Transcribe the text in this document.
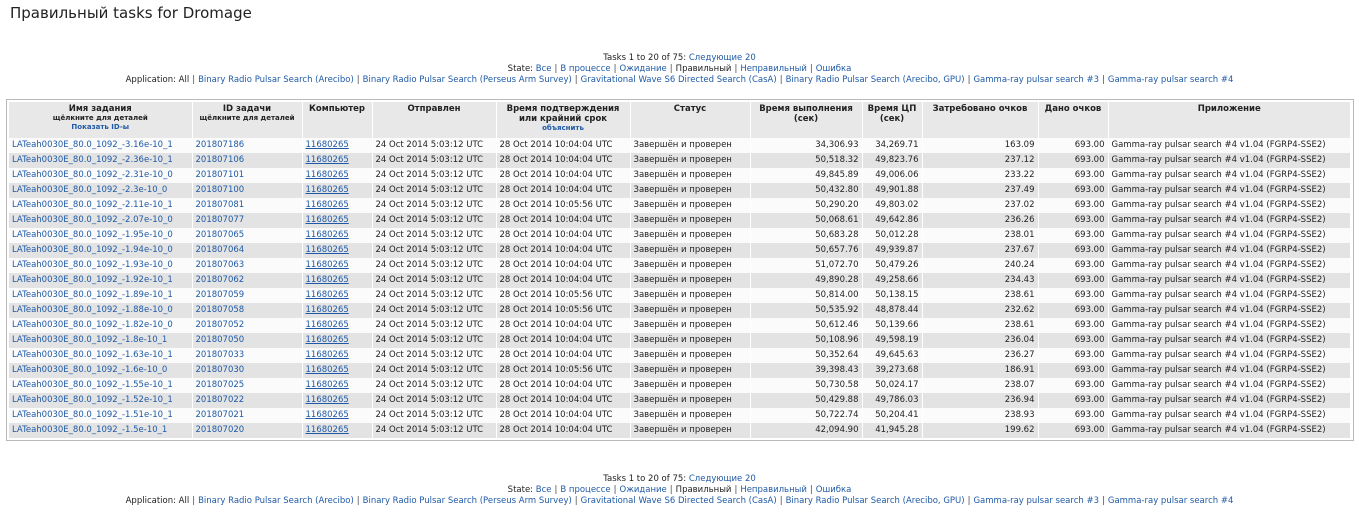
Правильный tasks for Dromage
Tasks 1 to 20 of 75: Следующие 20
State: Все | В процессе | Ожидание | Правильный | Неправильный | Ошибка
Application: All | Binary Radio Pulsar Search (Arecibo) | Binary Radio Pulsar Search (Perseus Arm Survey) | Gravitational Wave S6 Directed Search (CasA) | Binary Radio Pulsar Search (Arecibo, GPU) | Gamma-ray pulsar search #3 | Gamma-ray pulsar search #4
Имя задания
щёлкните для деталей
Показать ID-ы	ID задачи
щёлкните для деталей	Компьютер	Отправлен	Время подтверждения или крайний срок
объяснить	Статус	Время выполнения (сек)	Время ЦП (сек)	Затребовано очков	Дано очков	Приложение
LATeah0030E_80.0_1092_-3.16e-10_1	201807186	11680265	24 Oct 2014 5:03:12 UTC	28 Oct 2014 10:04:04 UTC	Завершён и проверен	34,306.93	34,269.71	163.09	693.00	Gamma-ray pulsar search #4 v1.04 (FGRP4-SSE2)
LATeah0030E_80.0_1092_-2.36e-10_1	201807106	11680265	24 Oct 2014 5:03:12 UTC	28 Oct 2014 10:04:04 UTC	Завершён и проверен	50,518.32	49,823.76	237.12	693.00	Gamma-ray pulsar search #4 v1.04 (FGRP4-SSE2)
LATeah0030E_80.0_1092_-2.31e-10_0	201807101	11680265	24 Oct 2014 5:03:12 UTC	28 Oct 2014 10:04:04 UTC	Завершён и проверен	49,845.89	49,006.06	233.22	693.00	Gamma-ray pulsar search #4 v1.04 (FGRP4-SSE2)
LATeah0030E_80.0_1092_-2.3e-10_0	201807100	11680265	24 Oct 2014 5:03:12 UTC	28 Oct 2014 10:04:04 UTC	Завершён и проверен	50,432.80	49,901.88	237.49	693.00	Gamma-ray pulsar search #4 v1.04 (FGRP4-SSE2)
LATeah0030E_80.0_1092_-2.11e-10_1	201807081	11680265	24 Oct 2014 5:03:12 UTC	28 Oct 2014 10:05:56 UTC	Завершён и проверен	50,290.20	49,803.02	237.02	693.00	Gamma-ray pulsar search #4 v1.04 (FGRP4-SSE2)
LATeah0030E_80.0_1092_-2.07e-10_0	201807077	11680265	24 Oct 2014 5:03:12 UTC	28 Oct 2014 10:04:04 UTC	Завершён и проверен	50,068.61	49,642.86	236.26	693.00	Gamma-ray pulsar search #4 v1.04 (FGRP4-SSE2)
LATeah0030E_80.0_1092_-1.95e-10_0	201807065	11680265	24 Oct 2014 5:03:12 UTC	28 Oct 2014 10:04:04 UTC	Завершён и проверен	50,683.28	50,012.28	238.01	693.00	Gamma-ray pulsar search #4 v1.04 (FGRP4-SSE2)
LATeah0030E_80.0_1092_-1.94e-10_0	201807064	11680265	24 Oct 2014 5:03:12 UTC	28 Oct 2014 10:04:04 UTC	Завершён и проверен	50,657.76	49,939.87	237.67	693.00	Gamma-ray pulsar search #4 v1.04 (FGRP4-SSE2)
LATeah0030E_80.0_1092_-1.93e-10_0	201807063	11680265	24 Oct 2014 5:03:12 UTC	28 Oct 2014 10:04:04 UTC	Завершён и проверен	51,072.70	50,479.26	240.24	693.00	Gamma-ray pulsar search #4 v1.04 (FGRP4-SSE2)
LATeah0030E_80.0_1092_-1.92e-10_1	201807062	11680265	24 Oct 2014 5:03:12 UTC	28 Oct 2014 10:04:04 UTC	Завершён и проверен	49,890.28	49,258.66	234.43	693.00	Gamma-ray pulsar search #4 v1.04 (FGRP4-SSE2)
LATeah0030E_80.0_1092_-1.89e-10_1	201807059	11680265	24 Oct 2014 5:03:12 UTC	28 Oct 2014 10:05:56 UTC	Завершён и проверен	50,814.00	50,138.15	238.61	693.00	Gamma-ray pulsar search #4 v1.04 (FGRP4-SSE2)
LATeah0030E_80.0_1092_-1.88e-10_0	201807058	11680265	24 Oct 2014 5:03:12 UTC	28 Oct 2014 10:05:56 UTC	Завершён и проверен	50,535.92	48,878.44	232.62	693.00	Gamma-ray pulsar search #4 v1.04 (FGRP4-SSE2)
LATeah0030E_80.0_1092_-1.82e-10_0	201807052	11680265	24 Oct 2014 5:03:12 UTC	28 Oct 2014 10:04:04 UTC	Завершён и проверен	50,612.46	50,139.66	238.61	693.00	Gamma-ray pulsar search #4 v1.04 (FGRP4-SSE2)
LATeah0030E_80.0_1092_-1.8e-10_1	201807050	11680265	24 Oct 2014 5:03:12 UTC	28 Oct 2014 10:04:04 UTC	Завершён и проверен	50,108.96	49,598.19	236.04	693.00	Gamma-ray pulsar search #4 v1.04 (FGRP4-SSE2)
LATeah0030E_80.0_1092_-1.63e-10_1	201807033	11680265	24 Oct 2014 5:03:12 UTC	28 Oct 2014 10:04:04 UTC	Завершён и проверен	50,352.64	49,645.63	236.27	693.00	Gamma-ray pulsar search #4 v1.04 (FGRP4-SSE2)
LATeah0030E_80.0_1092_-1.6e-10_0	201807030	11680265	24 Oct 2014 5:03:12 UTC	28 Oct 2014 10:05:56 UTC	Завершён и проверен	39,398.43	39,273.68	186.91	693.00	Gamma-ray pulsar search #4 v1.04 (FGRP4-SSE2)
LATeah0030E_80.0_1092_-1.55e-10_1	201807025	11680265	24 Oct 2014 5:03:12 UTC	28 Oct 2014 10:04:04 UTC	Завершён и проверен	50,730.58	50,024.17	238.07	693.00	Gamma-ray pulsar search #4 v1.04 (FGRP4-SSE2)
LATeah0030E_80.0_1092_-1.52e-10_1	201807022	11680265	24 Oct 2014 5:03:12 UTC	28 Oct 2014 10:04:04 UTC	Завершён и проверен	50,429.88	49,786.03	236.94	693.00	Gamma-ray pulsar search #4 v1.04 (FGRP4-SSE2)
LATeah0030E_80.0_1092_-1.51e-10_1	201807021	11680265	24 Oct 2014 5:03:12 UTC	28 Oct 2014 10:04:04 UTC	Завершён и проверен	50,722.74	50,204.41	238.93	693.00	Gamma-ray pulsar search #4 v1.04 (FGRP4-SSE2)
LATeah0030E_80.0_1092_-1.5e-10_1	201807020	11680265	24 Oct 2014 5:03:12 UTC	28 Oct 2014 10:04:04 UTC	Завершён и проверен	42,094.90	41,945.28	199.62	693.00	Gamma-ray pulsar search #4 v1.04 (FGRP4-SSE2)
Tasks 1 to 20 of 75: Следующие 20
State: Все | В процессе | Ожидание | Правильный | Неправильный | Ошибка
Application: All | Binary Radio Pulsar Search (Arecibo) | Binary Radio Pulsar Search (Perseus Arm Survey) | Gravitational Wave S6 Directed Search (CasA) | Binary Radio Pulsar Search (Arecibo, GPU) | Gamma-ray pulsar search #3 | Gamma-ray pulsar search #4
